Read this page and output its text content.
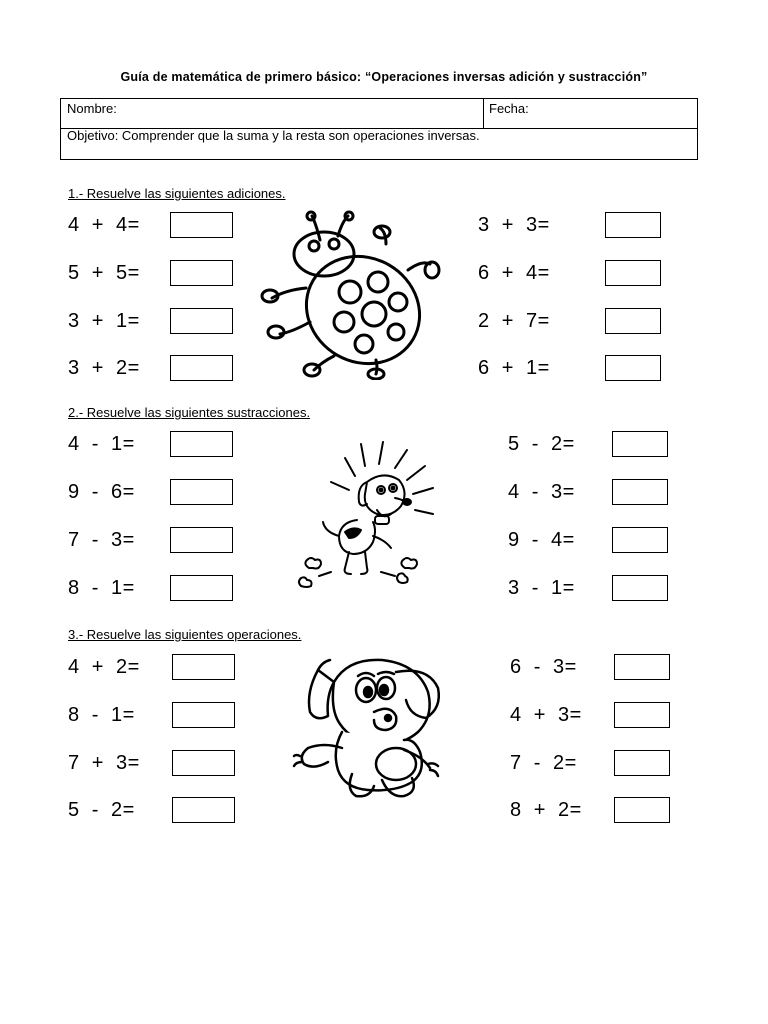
Guía de matemática de primero básico: “Operaciones inversas adición y sustracción”
Nombre:	Fecha:
Objetivo: Comprender que la suma y la resta son operaciones inversas.
1.- Resuelve las siguientes adiciones.
4  +  4=
5  +  5=
3  +  1=
3  +  2=
3  +  3=
6  +  4=
2  +  7=
6  +  1=
2.- Resuelve las siguientes sustracciones.
4  -  1=
9  -  6=
7  -  3=
8  -  1=
5  -  2=
4  -  3=
9  -  4=
3  -  1=
3.- Resuelve las siguientes operaciones.
4  +  2=
8  -  1=
7  +  3=
5  -  2=
6  -  3=
4  +  3=
7  -  2=
8  +  2=
